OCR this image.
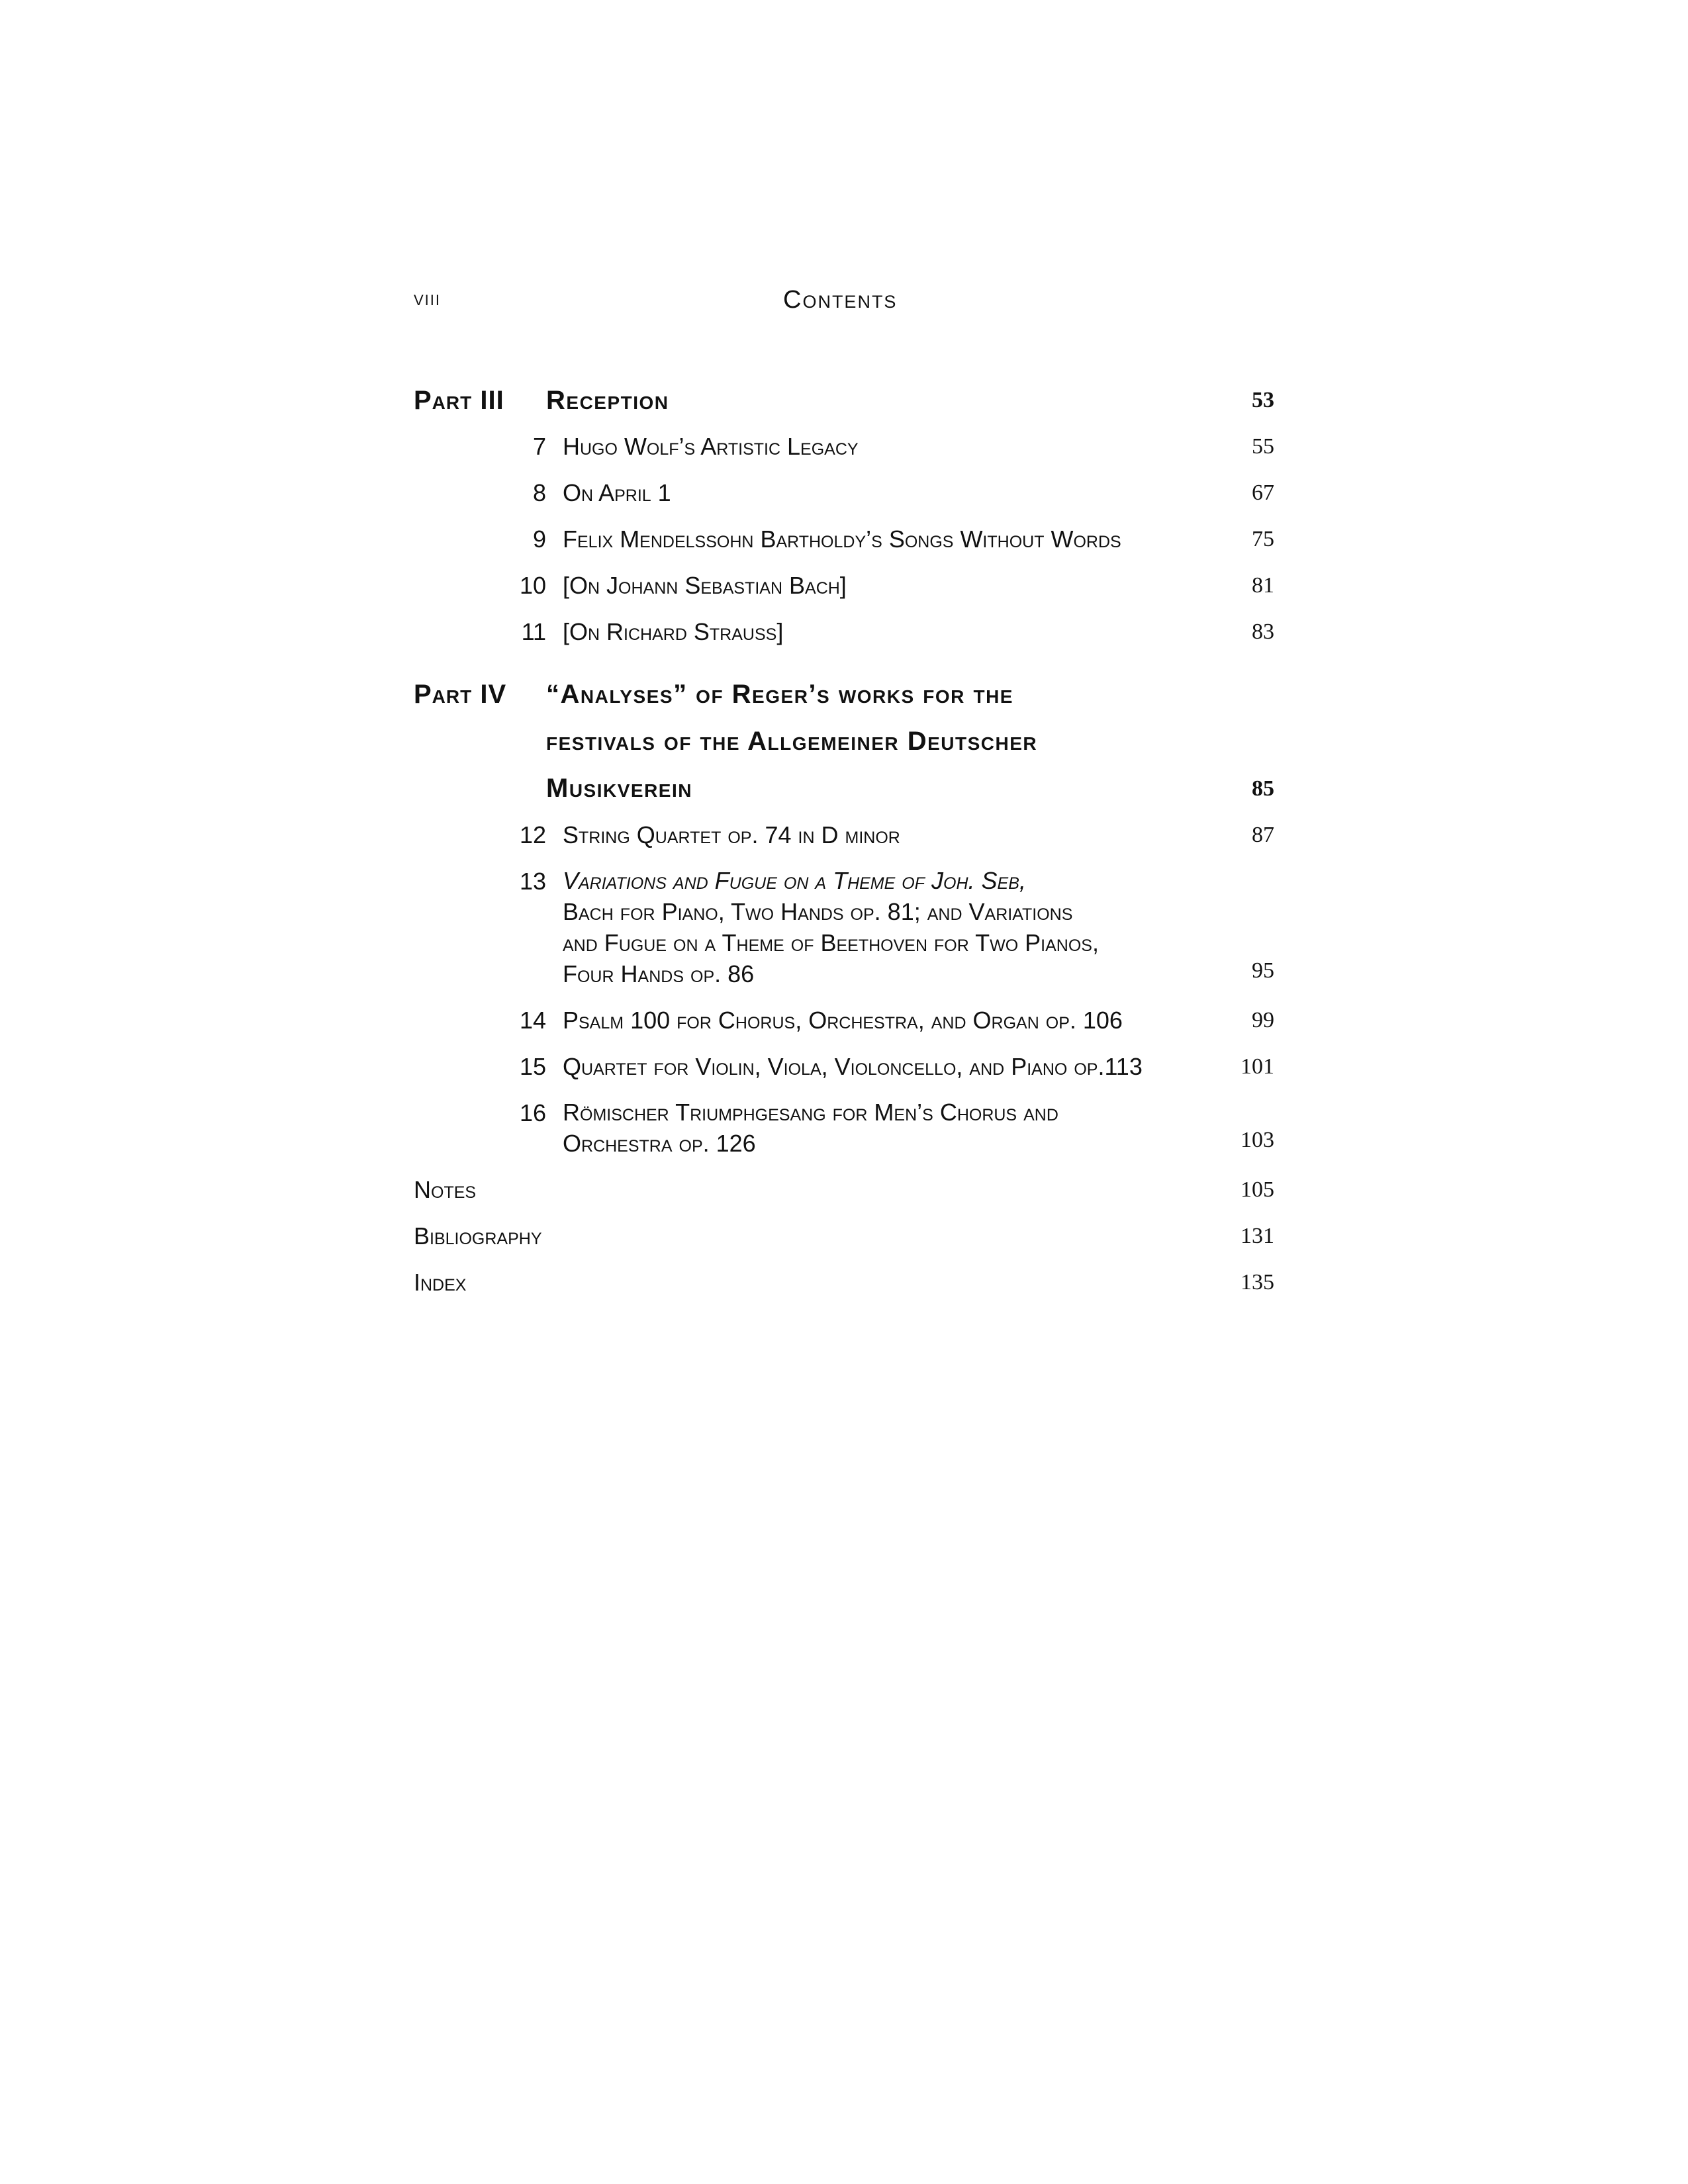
viii	Contents
Part III Reception	53
7 Hugo Wolf’s Artistic Legacy	55
8 On April 1	67
9 Felix Mendelssohn Bartholdy’s Songs Without Words	75
10 [On Johann Sebastian Bach]	81
11 [On Richard Strauss]	83
Part IV “Analyses” of Reger’s works for the
festivals of the Allgemeiner Deutscher
Musikverein	85
12 String Quartet op. 74 in D minor	87
13 Variations and Fugue on a Theme of Joh. Seb,
Bach for Piano, Two Hands op. 81; and Variations
and Fugue on a Theme of Beethoven for Two Pianos,
Four Hands op. 86	95
14 Psalm 100 for Chorus, Orchestra, and Organ op. 106	99
15 Quartet for Violin, Viola, Violoncello, and Piano op.113	101
16 Römischer Triumphgesang for Men’s Chorus and
Orchestra op. 126	103
Notes	105
Bibliography	131
Index	135
